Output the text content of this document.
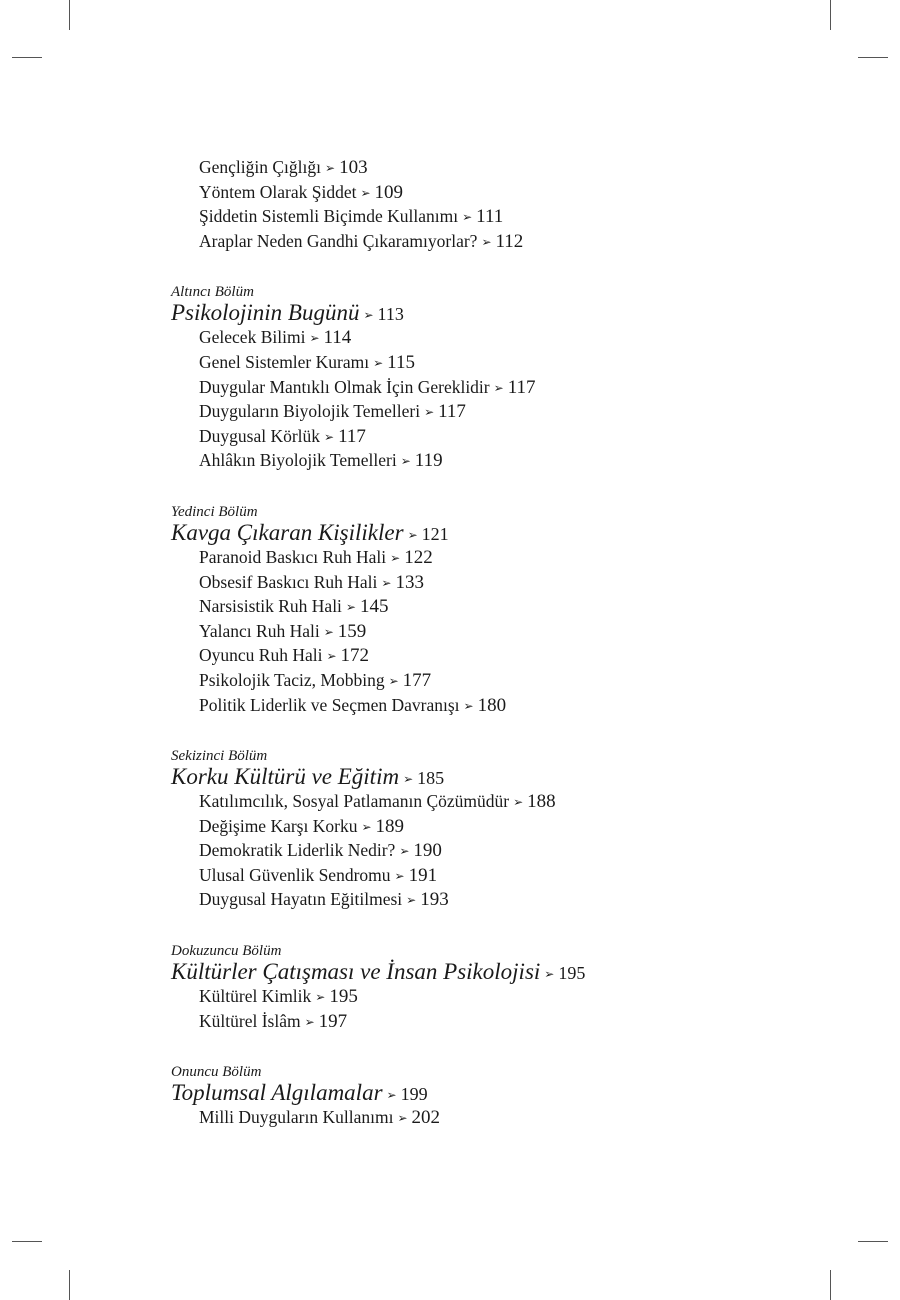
Gençliğin Çığlığı ➢ 103
Yöntem Olarak Şiddet ➢ 109
Şiddetin Sistemli Biçimde Kullanımı ➢ 111
Araplar Neden Gandhi Çıkaramıyorlar? ➢ 112
Altıncı Bölüm
Psikolojinin Bugünü ➢ 113
Gelecek Bilimi ➢ 114
Genel Sistemler Kuramı ➢ 115
Duygular Mantıklı Olmak İçin Gereklidir ➢ 117
Duyguların Biyolojik Temelleri ➢ 117
Duygusal Körlük ➢ 117
Ahlâkın Biyolojik Temelleri ➢ 119
Yedinci Bölüm
Kavga Çıkaran Kişilikler ➢ 121
Paranoid Baskıcı Ruh Hali ➢ 122
Obsesif Baskıcı Ruh Hali ➢ 133
Narsisistik Ruh Hali ➢ 145
Yalancı Ruh Hali ➢ 159
Oyuncu Ruh Hali ➢ 172
Psikolojik Taciz, Mobbing ➢ 177
Politik Liderlik ve Seçmen Davranışı ➢ 180
Sekizinci Bölüm
Korku Kültürü ve Eğitim ➢ 185
Katılımcılık, Sosyal Patlamanın Çözümüdür ➢ 188
Değişime Karşı Korku ➢ 189
Demokratik Liderlik Nedir? ➢ 190
Ulusal Güvenlik Sendromu ➢ 191
Duygusal Hayatın Eğitilmesi ➢ 193
Dokuzuncu Bölüm
Kültürler Çatışması ve İnsan Psikolojisi ➢ 195
Kültürel Kimlik ➢ 195
Kültürel İslâm ➢ 197
Onuncu Bölüm
Toplumsal Algılamalar ➢ 199
Milli Duyguların Kullanımı ➢ 202
